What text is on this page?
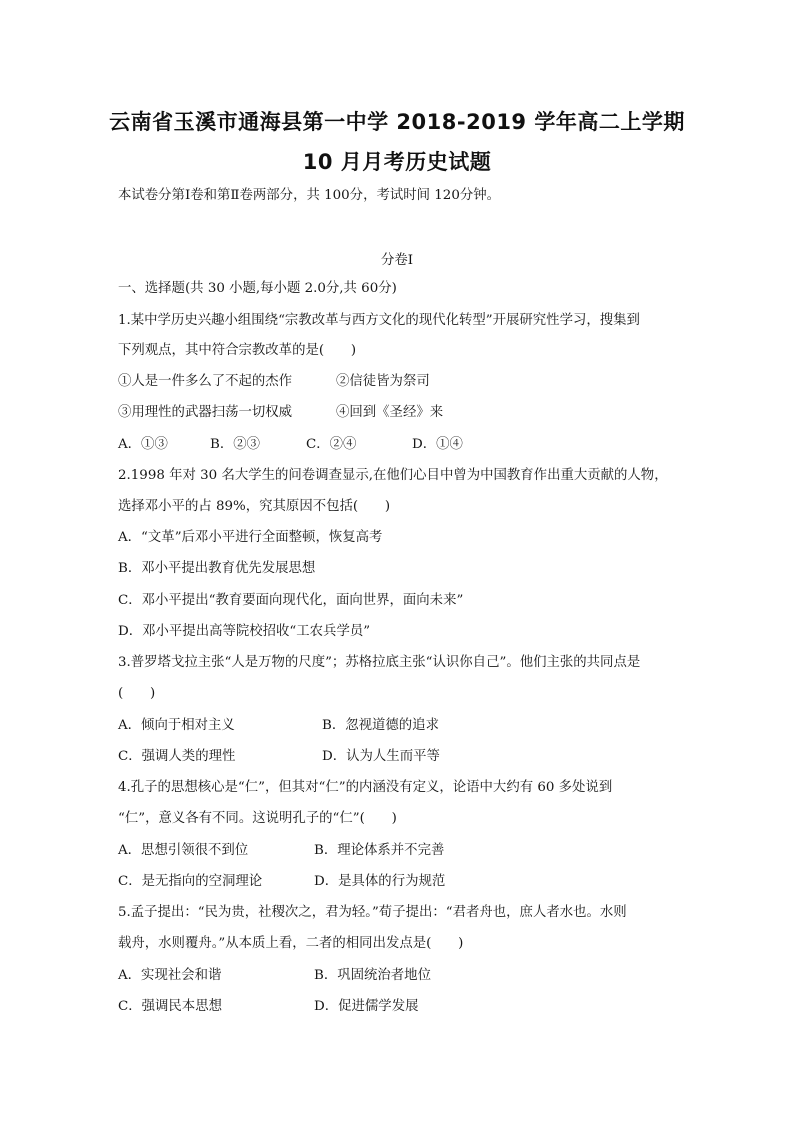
云南省玉溪市通海县第一中学 2018-2019 学年高二上学期
10 月月考历史试题
本试卷分第Ⅰ卷和第Ⅱ卷两部分，共 100分，考试时间 120分钟。
分卷I
一、选择题(共 30 小题,每小题 2.0分,共 60分)
1.某中学历史兴趣小组围绕“宗教改革与西方文化的现代化转型”开展研究性学习，搜集到
下列观点，其中符合宗教改革的是(　　)
①人是一件多么了不起的杰作	②信徒皆为祭司
③用理性的武器扫荡一切权威	④回到《圣经》来
A．①③	B．②③	C．②④	D．①④
2.1998 年对 30 名大学生的问卷调查显示,在他们心目中曾为中国教育作出重大贡献的人物，
选择邓小平的占 89%，究其原因不包括(　　)
A．“文革”后邓小平进行全面整顿，恢复高考
B．邓小平提出教育优先发展思想
C．邓小平提出“教育要面向现代化，面向世界，面向未来”
D．邓小平提出高等院校招收“工农兵学员”
3.普罗塔戈拉主张“人是万物的尺度”；苏格拉底主张“认识你自己”。他们主张的共同点是
(　　)
A．倾向于相对主义	B．忽视道德的追求
C．强调人类的理性	D．认为人生而平等
4.孔子的思想核心是“仁”，但其对“仁”的内涵没有定义，论语中大约有 60 多处说到
“仁”，意义各有不同。这说明孔子的“仁”(　　)
A．思想引领很不到位	B．理论体系并不完善
C．是无指向的空洞理论	D．是具体的行为规范
5.孟子提出：“民为贵，社稷次之，君为轻。”荀子提出：“君者舟也，庶人者水也。水则
载舟，水则覆舟。”从本质上看，二者的相同出发点是(　　)
A．实现社会和谐	B．巩固统治者地位
C．强调民本思想	D．促进儒学发展
